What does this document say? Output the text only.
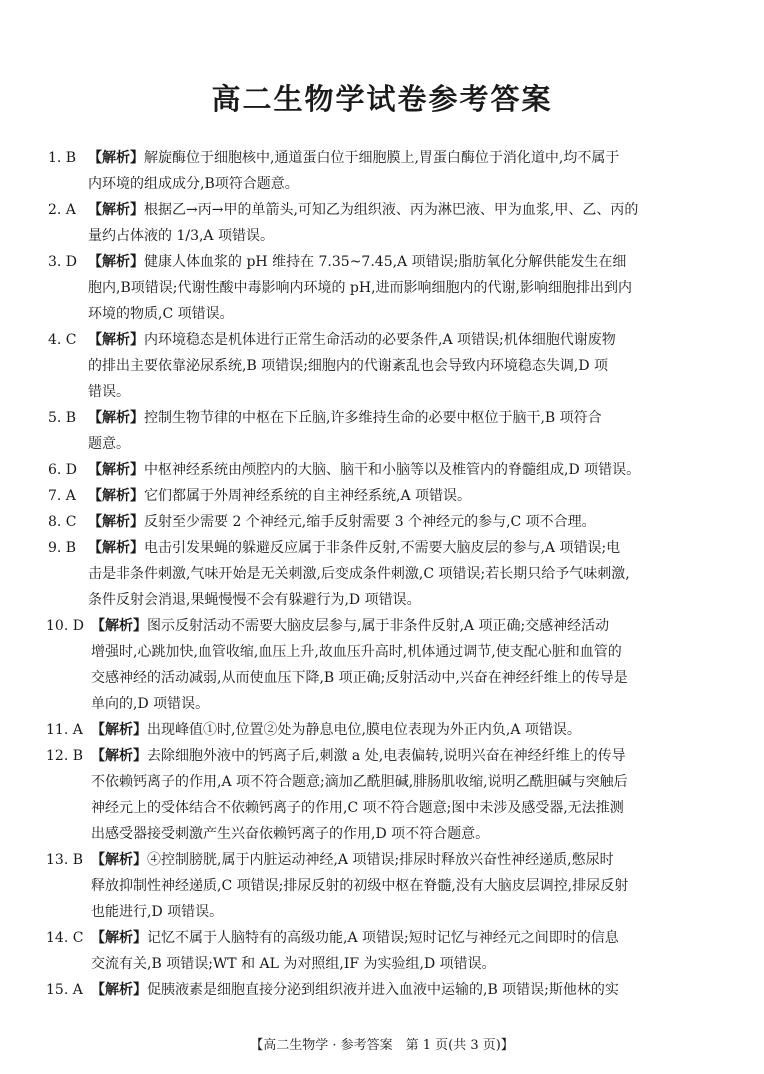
高二生物学试卷参考答案
1. B 【解析】解旋酶位于细胞核中,通道蛋白位于细胞膜上,胃蛋白酶位于消化道中,均不属于
内环境的组成成分,B项符合题意。
2. A 【解析】根据乙→丙→甲的单箭头,可知乙为组织液、丙为淋巴液、甲为血浆,甲、乙、丙的
量约占体液的 1/3,A 项错误。
3. D 【解析】健康人体血浆的 pH 维持在 7.35~7.45,A 项错误;脂肪氧化分解供能发生在细
胞内,B项错误;代谢性酸中毒影响内环境的 pH,进而影响细胞内的代谢,影响细胞排出到内
环境的物质,C 项错误。
4. C 【解析】内环境稳态是机体进行正常生命活动的必要条件,A 项错误;机体细胞代谢废物
的排出主要依靠泌尿系统,B 项错误;细胞内的代谢紊乱也会导致内环境稳态失调,D 项
错误。
5. B 【解析】控制生物节律的中枢在下丘脑,许多维持生命的必要中枢位于脑干,B 项符合
题意。
6. D 【解析】中枢神经系统由颅腔内的大脑、脑干和小脑等以及椎管内的脊髓组成,D 项错误。
7. A 【解析】它们都属于外周神经系统的自主神经系统,A 项错误。
8. C 【解析】反射至少需要 2 个神经元,缩手反射需要 3 个神经元的参与,C 项不合理。
9. B 【解析】电击引发果蝇的躲避反应属于非条件反射,不需要大脑皮层的参与,A 项错误;电
击是非条件刺激,气味开始是无关刺激,后变成条件刺激,C 项错误;若长期只给予气味刺激,
条件反射会消退,果蝇慢慢不会有躲避行为,D 项错误。
10. D 【解析】图示反射活动不需要大脑皮层参与,属于非条件反射,A 项正确;交感神经活动
增强时,心跳加快,血管收缩,血压上升,故血压升高时,机体通过调节,使支配心脏和血管的
交感神经的活动减弱,从而使血压下降,B 项正确;反射活动中,兴奋在神经纤维上的传导是
单向的,D 项错误。
11. A 【解析】出现峰值①时,位置②处为静息电位,膜电位表现为外正内负,A 项错误。
12. B 【解析】去除细胞外液中的钙离子后,刺激 a 处,电表偏转,说明兴奋在神经纤维上的传导
不依赖钙离子的作用,A 项不符合题意;滴加乙酰胆碱,腓肠肌收缩,说明乙酰胆碱与突触后
神经元上的受体结合不依赖钙离子的作用,C 项不符合题意;图中未涉及感受器,无法推测
出感受器接受刺激产生兴奋依赖钙离子的作用,D 项不符合题意。
13. B 【解析】④控制膀胱,属于内脏运动神经,A 项错误;排尿时释放兴奋性神经递质,憋尿时
释放抑制性神经递质,C 项错误;排尿反射的初级中枢在脊髓,没有大脑皮层调控,排尿反射
也能进行,D 项错误。
14. C 【解析】记忆不属于人脑特有的高级功能,A 项错误;短时记忆与神经元之间即时的信息
交流有关,B 项错误;WT 和 AL 为对照组,IF 为实验组,D 项错误。
15. A 【解析】促胰液素是细胞直接分泌到组织液并进入血液中运输的,B 项错误;斯他林的实
【高二生物学 · 参考答案　第 1 页(共 3 页)】
